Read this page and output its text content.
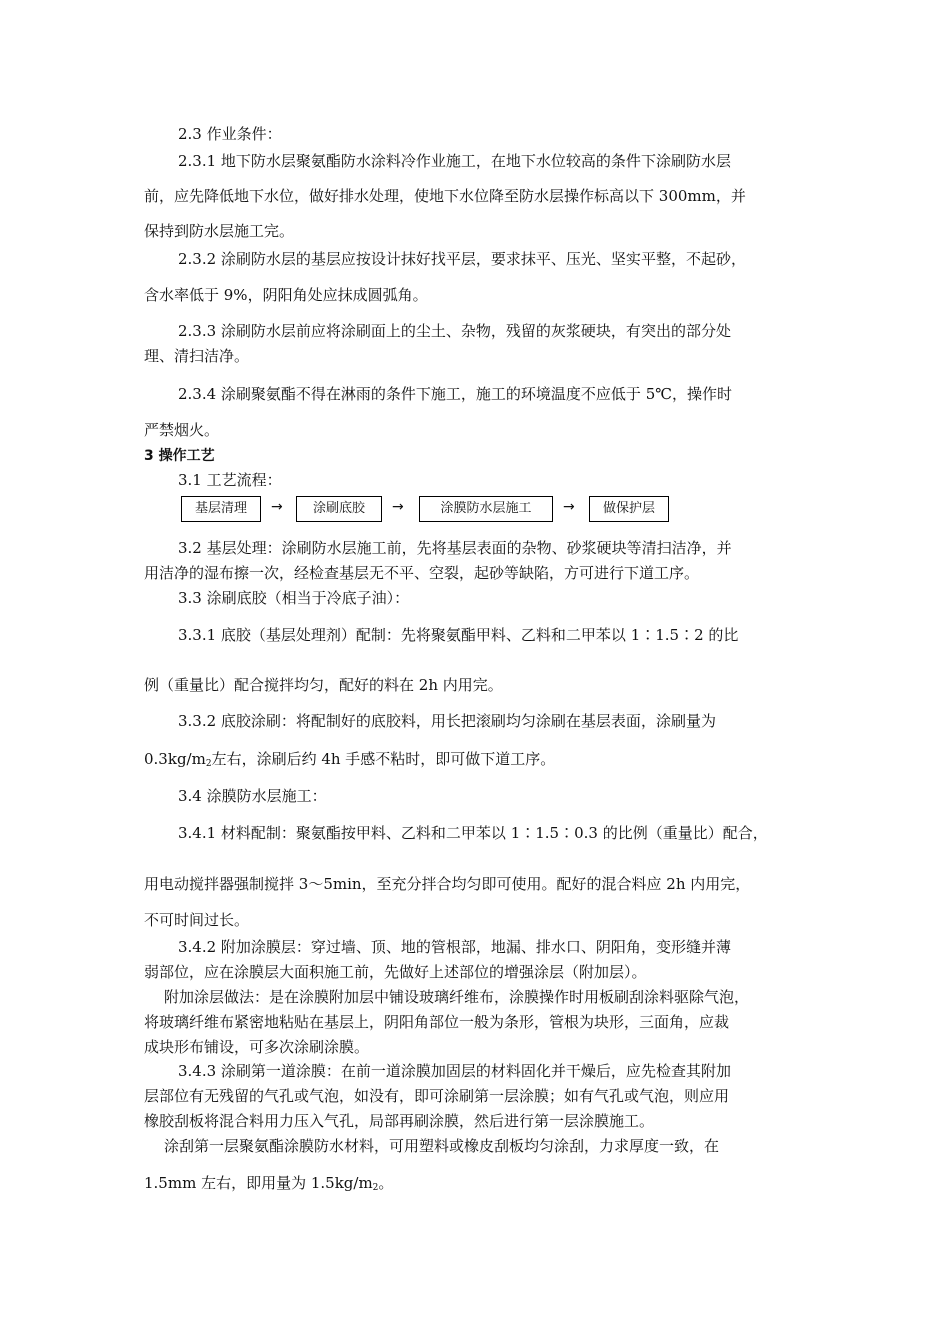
2.3 作业条件：
2.3.1 地下防水层聚氨酯防水涂料冷作业施工，在地下水位较高的条件下涂刷防水层
前，应先降低地下水位，做好排水处理，使地下水位降至防水层操作标高以下 300mm，并
保持到防水层施工完。
2.3.2 涂刷防水层的基层应按设计抹好找平层，要求抹平、压光、坚实平整，不起砂，
含水率低于 9%，阴阳角处应抹成圆弧角。
2.3.3 涂刷防水层前应将涂刷面上的尘土、杂物，残留的灰浆硬块，有突出的部分处
理、清扫洁净。
2.3.4 涂刷聚氨酯不得在淋雨的条件下施工，施工的环境温度不应低于 5℃，操作时
严禁烟火。
3 操作工艺
3.1 工艺流程：
基层清理	→	涂刷底胶	→	涂膜防水层施工	→	做保护层
3.2 基层处理：涂刷防水层施工前，先将基层表面的杂物、砂浆硬块等清扫洁净，并
用洁净的湿布擦一次，经检查基层无不平、空裂，起砂等缺陷，方可进行下道工序。
3.3 涂刷底胶（相当于冷底子油）：
3.3.1 底胶（基层处理剂）配制：先将聚氨酯甲料、乙料和二甲苯以 1∶1.5∶2 的比
例（重量比）配合搅拌均匀，配好的料在 2h 内用完。
3.3.2 底胶涂刷：将配制好的底胶料，用长把滚刷均匀涂刷在基层表面，涂刷量为
$0.3kg/m_2$左右，涂刷后约 4h 手感不粘时，即可做下道工序。
3.4 涂膜防水层施工：
3.4.1 材料配制：聚氨酯按甲料、乙料和二甲苯以 1∶1.5∶0.3 的比例（重量比）配合，
用电动搅拌器强制搅拌 3～5min，至充分拌合均匀即可使用。配好的混合料应 2h 内用完，
不可时间过长。
3.4.2 附加涂膜层：穿过墙、顶、地的管根部，地漏、排水口、阴阳角，变形缝并薄
弱部位，应在涂膜层大面积施工前，先做好上述部位的增强涂层（附加层）。
附加涂层做法：是在涂膜附加层中铺设玻璃纤维布，涂膜操作时用板刷刮涂料驱除气泡，
将玻璃纤维布紧密地粘贴在基层上，阴阳角部位一般为条形，管根为块形，三面角，应裁
成块形布铺设，可多次涂刷涂膜。
3.4.3 涂刷第一道涂膜：在前一道涂膜加固层的材料固化并干燥后，应先检查其附加
层部位有无残留的气孔或气泡，如没有，即可涂刷第一层涂膜；如有气孔或气泡，则应用
橡胶刮板将混合料用力压入气孔，局部再刷涂膜，然后进行第一层涂膜施工。
涂刮第一层聚氨酯涂膜防水材料，可用塑料或橡皮刮板均匀涂刮，力求厚度一致，在
1.5mm 左右，即用量为 $1.5kg/m_2$。
